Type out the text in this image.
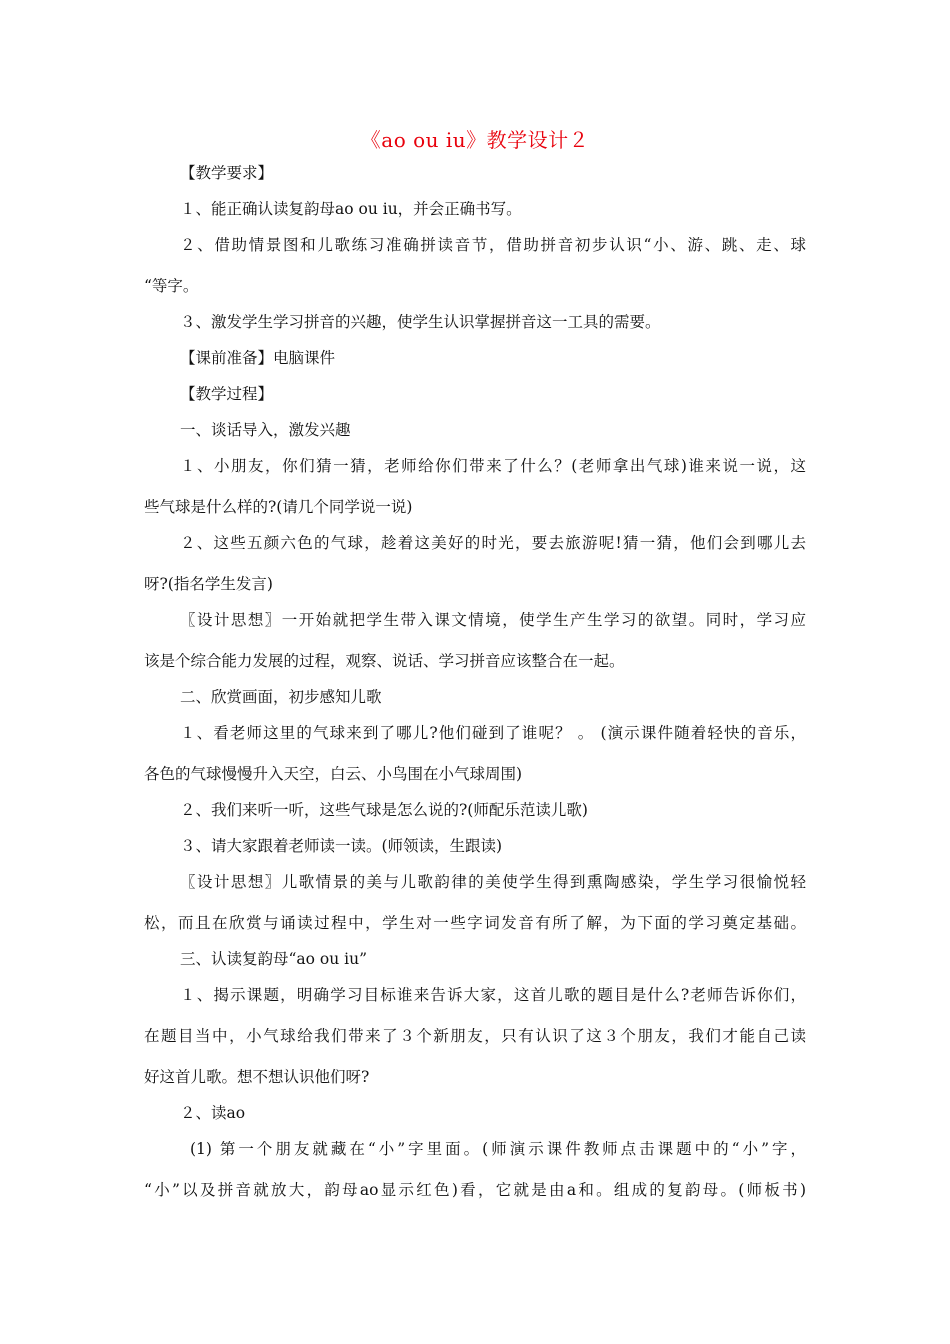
《ao ou iu》教学设计２
【教学要求】
１、能正确认读复韵母ao ou iu，并会正确书写。
２、借助情景图和儿歌练习准确拼读音节，借助拼音初步认识“小、游、跳、走、球
“等字。
３、激发学生学习拼音的兴趣，使学生认识掌握拼音这一工具的需要。
【课前准备】电脑课件
【教学过程】
一、谈话导入，激发兴趣
１、小朋友，你们猜一猜，老师给你们带来了什么？(老师拿出气球)谁来说一说，这
些气球是什么样的?(请几个同学说一说)
２、这些五颜六色的气球，趁着这美好的时光，要去旅游呢!猜一猜，他们会到哪儿去
呀?(指名学生发言)
〖设计思想〗一开始就把学生带入课文情境，使学生产生学习的欲望。同时，学习应
该是个综合能力发展的过程，观察、说话、学习拼音应该整合在一起。
二、欣赏画面，初步感知儿歌
１、看老师这里的气球来到了哪儿?他们碰到了谁呢？ 。 (演示课件随着轻快的音乐，
各色的气球慢慢升入天空，白云、小鸟围在小气球周围)
２、我们来听一听，这些气球是怎么说的?(师配乐范读儿歌)
３、请大家跟着老师读一读。(师领读，生跟读)
〖设计思想〗儿歌情景的美与儿歌韵律的美使学生得到熏陶感染，学生学习很愉悦轻
松，而且在欣赏与诵读过程中，学生对一些字词发音有所了解，为下面的学习奠定基础。
三、认读复韵母“ao ou iu”
１、揭示课题，明确学习目标谁来告诉大家，这首儿歌的题目是什么?老师告诉你们，
在题目当中，小气球给我们带来了３个新朋友，只有认识了这３个朋友，我们才能自己读
好这首儿歌。想不想认识他们呀?
２、读ao
(1) 第一个朋友就藏在“小”字里面。(师演示课件教师点击课题中的“小”字，
“小”以及拼音就放大，韵母ao显示红色)看，它就是由a和。组成的复韵母。(师板书)
